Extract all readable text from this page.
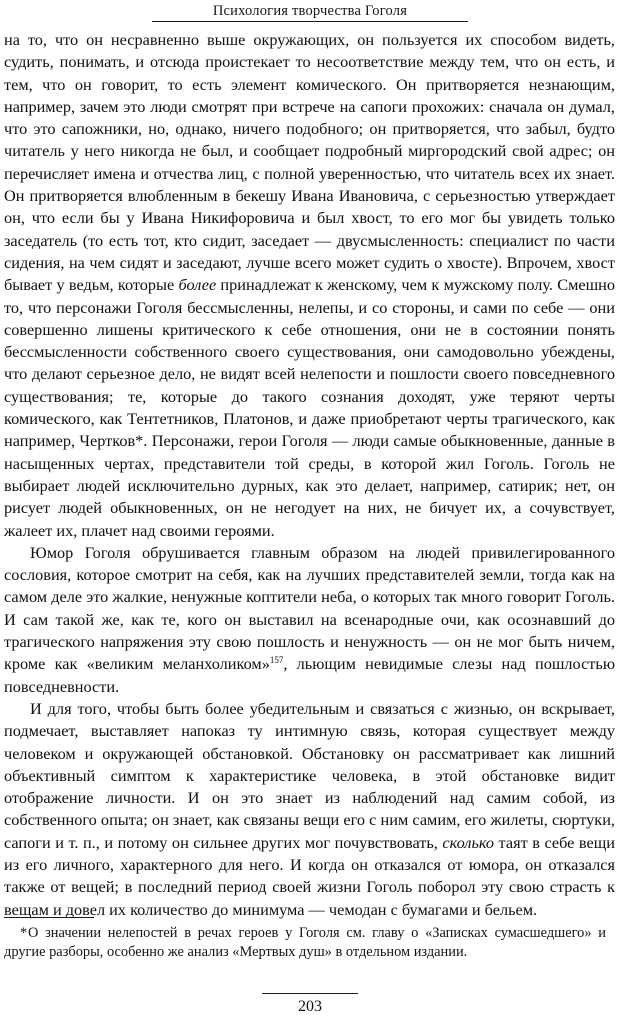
Психология творчества Гоголя

на то, что он несравненно выше окружающих, он пользуется их способом видеть, судить, понимать, и отсюда проистекает то несоответствие между тем, что он есть, и тем, что он говорит, то есть элемент комического. Он притворяется незнающим, например, зачем это люди смотрят при встрече на сапоги прохожих: сначала он думал, что это сапожники, но, однако, ничего подобного; он притворяется, что забыл, будто читатель у него никогда не был, и сообщает подробный миргородский свой адрес; он перечисляет имена и отчества лиц, с полной уверенностью, что читатель всех их знает. Он притворяется влюбленным в бекешу Ивана Ивановича, с серьезностью утверждает он, что если бы у Ивана Никифоровича и был хвост, то его мог бы увидеть только заседатель (то есть тот, кто сидит, заседает — двусмысленность: специалист по части сидения, на чем сидят и заседают, лучше всего может судить о хвосте). Впрочем, хвост бывает у ведьм, которые более принадлежат к женскому, чем к мужскому полу. Смешно то, что персонажи Гоголя бессмысленны, нелепы, и со стороны, и сами по себе — они совершенно лишены критического к себе отношения, они не в состоянии понять бессмысленности собственного своего существования, они самодовольно убеждены, что делают серьезное дело, не видят всей нелепости и пошлости своего повседневного существования; те, которые до такого сознания доходят, уже теряют черты комического, как Тентетников, Платонов, и даже приобретают черты трагического, как например, Чертков*. Персонажи, герои Гоголя — люди самые обыкновенные, данные в насыщенных чертах, представители той среды, в которой жил Гоголь. Гоголь не выбирает людей исключительно дурных, как это делает, например, сатирик; нет, он рисует людей обыкновенных, он не негодует на них, не бичует их, а сочувствует, жалеет их, плачет над своими героями.

Юмор Гоголя обрушивается главным образом на людей привилегированного сословия, которое смотрит на себя, как на лучших представителей земли, тогда как на самом деле это жалкие, ненужные коптители неба, о которых так много говорит Гоголь. И сам такой же, как те, кого он выставил на всенародные очи, как осознавший до трагического напряжения эту свою пошлость и ненужность — он не мог быть ничем, кроме как «великим меланхоликом»$^{157}$, льющим невидимые слезы над пошлостью повседневности.

И для того, чтобы быть более убедительным и связаться с жизнью, он вскрывает, подмечает, выставляет напоказ ту интимную связь, которая существует между человеком и окружающей обстановкой. Обстановку он рассматривает как лишний объективный симптом к характеристике человека, в этой обстановке видит отображение личности. И он это знает из наблюдений над самим собой, из собственного опыта; он знает, как связаны вещи его с ним самим, его жилеты, сюртуки, сапоги и т. п., и потому он сильнее других мог почувствовать, сколько таят в себе вещи из его личного, характерного для него. И когда он отказался от юмора, он отказался также от вещей; в последний период своей жизни Гоголь поборол эту свою страсть к вещам и довел их количество до минимума — чемодан с бумагами и бельем.

*О значении нелепостей в речах героев у Гоголя см. главу о «Записках сумасшедшего» и другие разборы, особенно же анализ «Мертвых душ» в отдельном издании.
203
